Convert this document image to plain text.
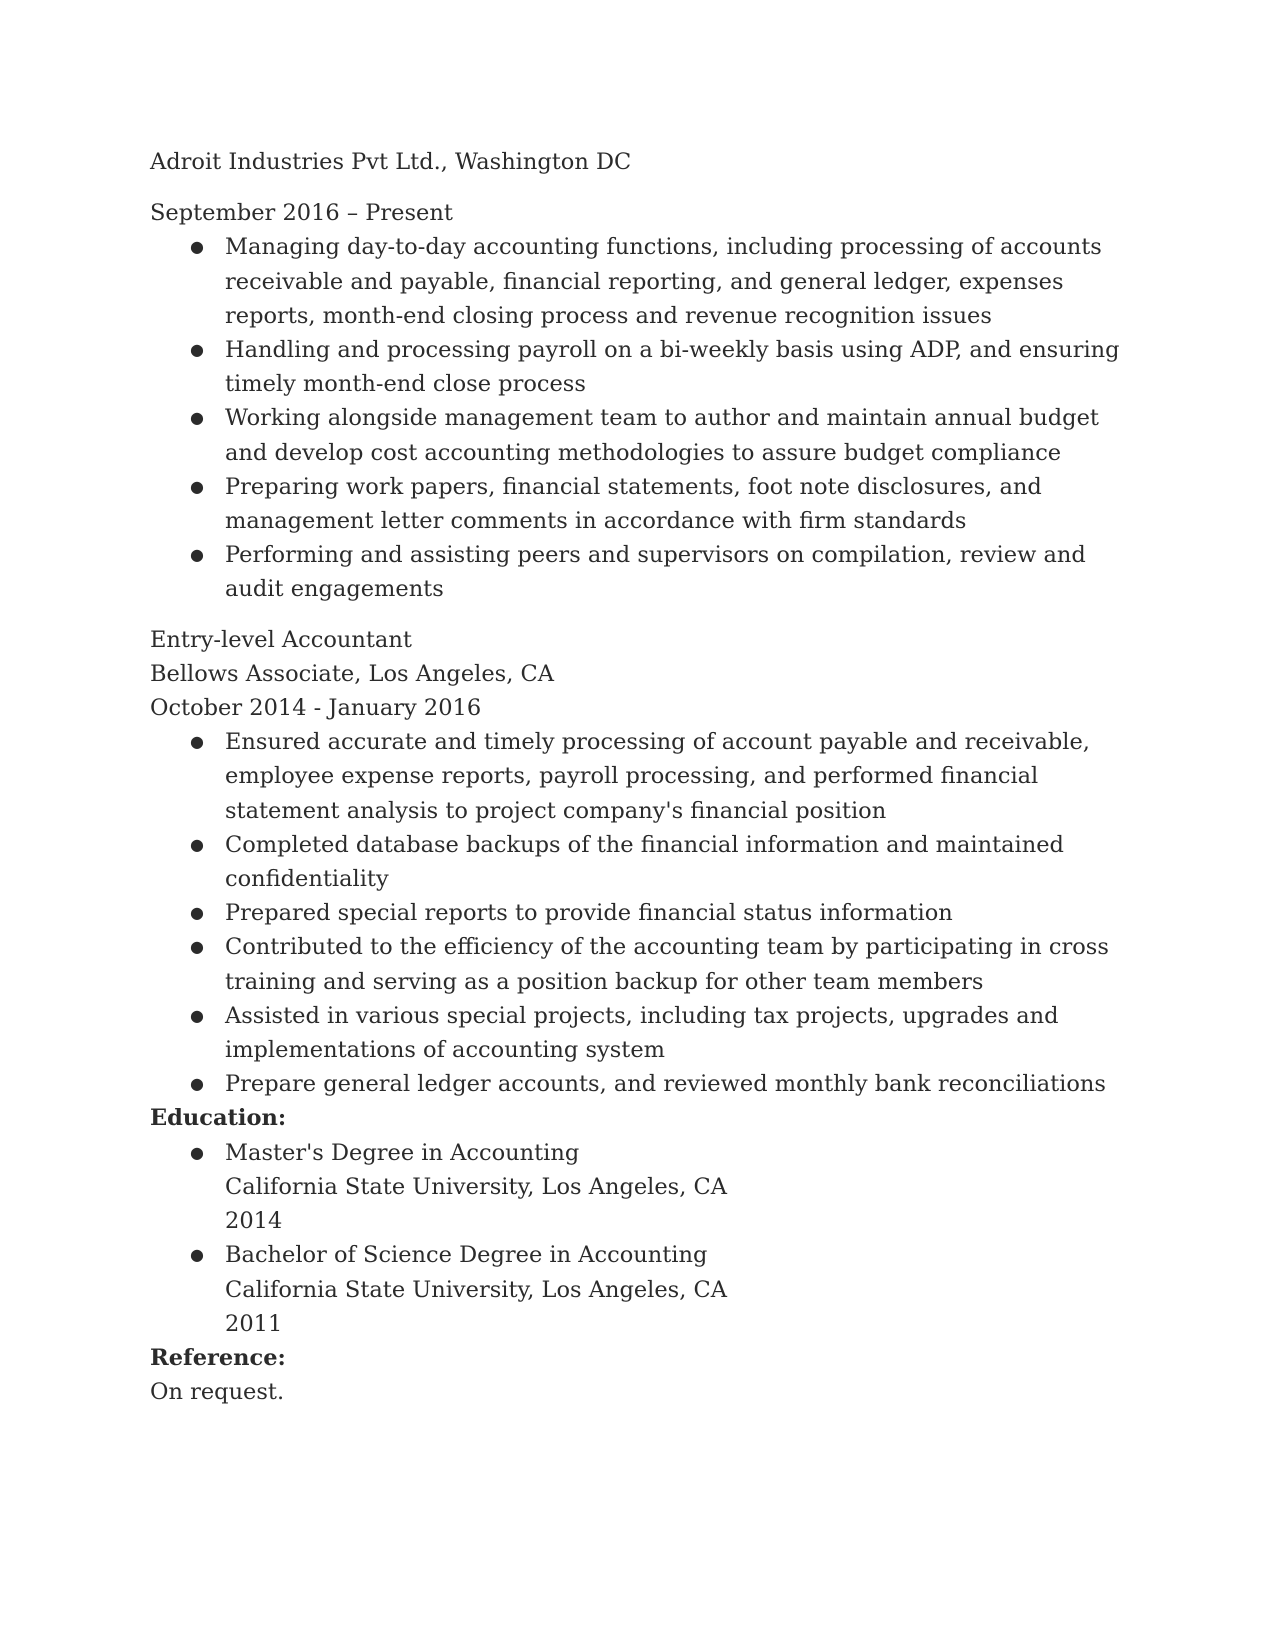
Adroit Industries Pvt Ltd., Washington DC

September 2016 – Present

● Managing day-to-day accounting functions, including processing of accounts receivable and payable, financial reporting, and general ledger, expenses reports, month-end closing process and revenue recognition issues
● Handling and processing payroll on a bi-weekly basis using ADP, and ensuring timely month-end close process
● Working alongside management team to author and maintain annual budget and develop cost accounting methodologies to assure budget compliance
● Preparing work papers, financial statements, foot note disclosures, and management letter comments in accordance with firm standards
● Performing and assisting peers and supervisors on compilation, review and audit engagements

Entry-level Accountant

Bellows Associate, Los Angeles, CA

October 2014 - January 2016

● Ensured accurate and timely processing of account payable and receivable, employee expense reports, payroll processing, and performed financial statement analysis to project company's financial position
● Completed database backups of the financial information and maintained confidentiality
● Prepared special reports to provide financial status information
● Contributed to the efficiency of the accounting team by participating in cross training and serving as a position backup for other team members
● Assisted in various special projects, including tax projects, upgrades and implementations of accounting system
● Prepare general ledger accounts, and reviewed monthly bank reconciliations

Education:

● Master's Degree in Accounting
California State University, Los Angeles, CA
2014
● Bachelor of Science Degree in Accounting
California State University, Los Angeles, CA
2011

Reference:

On request.
